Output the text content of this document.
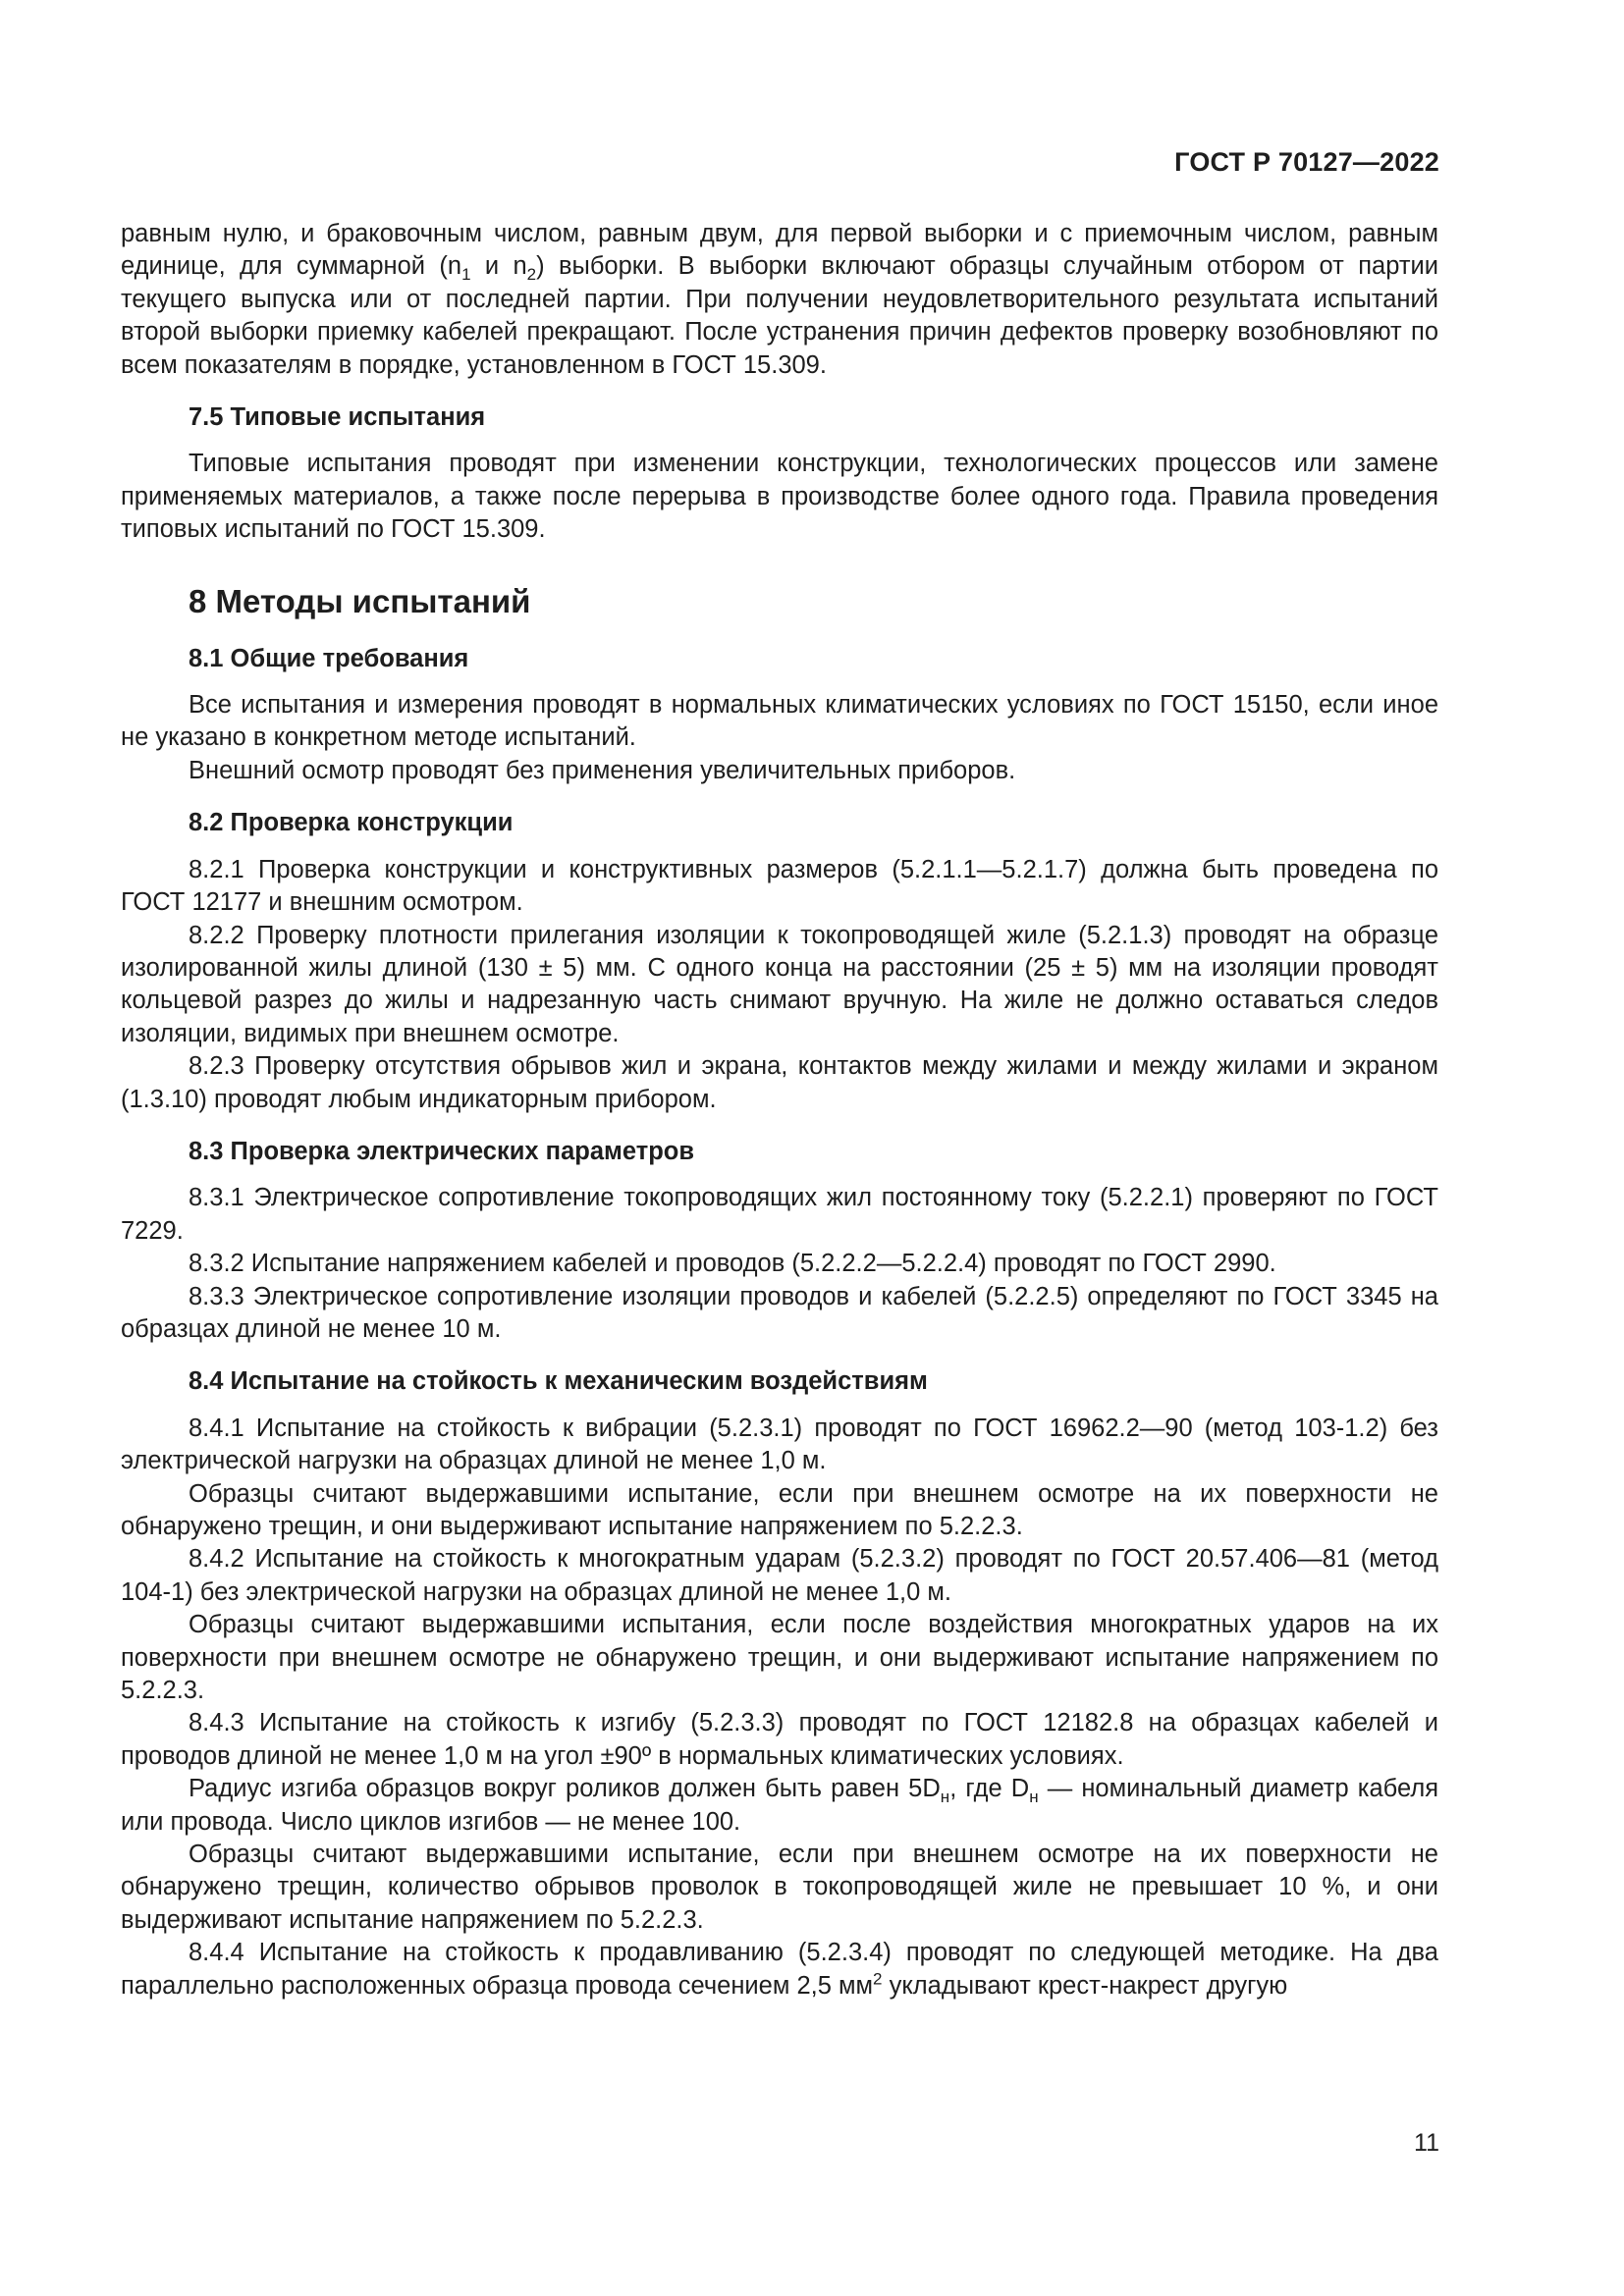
ГОСТ Р 70127—2022

равным нулю, и браковочным числом, равным двум, для первой выборки и с приемочным числом, равным единице, для суммарной ($n_1$ и $n_2$) выборки. В выборки включают образцы случайным отбором от партии текущего выпуска или от последней партии. При получении неудовлетворительного результата испытаний второй выборки приемку кабелей прекращают. После устранения причин дефектов проверку возобновляют по всем показателям в порядке, установленном в ГОСТ 15.309.

7.5 Типовые испытания

Типовые испытания проводят при изменении конструкции, технологических процессов или замене применяемых материалов, а также после перерыва в производстве более одного года. Правила проведения типовых испытаний по ГОСТ 15.309.

8 Методы испытаний
8.1 Общие требования

Все испытания и измерения проводят в нормальных климатических условиях по ГОСТ 15150, если иное не указано в конкретном методе испытаний.

Внешний осмотр проводят без применения увеличительных приборов.

8.2 Проверка конструкции

8.2.1 Проверка конструкции и конструктивных размеров (5.2.1.1—5.2.1.7) должна быть проведена по ГОСТ 12177 и внешним осмотром.

8.2.2 Проверку плотности прилегания изоляции к токопроводящей жиле (5.2.1.3) проводят на образце изолированной жилы длиной (130 ± 5) мм. С одного конца на расстоянии (25 ± 5) мм на изоляции проводят кольцевой разрез до жилы и надрезанную часть снимают вручную. На жиле не должно оставаться следов изоляции, видимых при внешнем осмотре.

8.2.3 Проверку отсутствия обрывов жил и экрана, контактов между жилами и между жилами и экраном (1.3.10) проводят любым индикаторным прибором.

8.3 Проверка электрических параметров

8.3.1 Электрическое сопротивление токопроводящих жил постоянному току (5.2.2.1) проверяют по ГОСТ 7229.

8.3.2 Испытание напряжением кабелей и проводов (5.2.2.2—5.2.2.4) проводят по ГОСТ 2990.

8.3.3 Электрическое сопротивление изоляции проводов и кабелей (5.2.2.5) определяют по ГОСТ 3345 на образцах длиной не менее 10 м.

8.4 Испытание на стойкость к механическим воздействиям

8.4.1 Испытание на стойкость к вибрации (5.2.3.1) проводят по ГОСТ 16962.2—90 (метод 103-1.2) без электрической нагрузки на образцах длиной не менее 1,0 м.

Образцы считают выдержавшими испытание, если при внешнем осмотре на их поверхности не обнаружено трещин, и они выдерживают испытание напряжением по 5.2.2.3.

8.4.2 Испытание на стойкость к многократным ударам (5.2.3.2) проводят по ГОСТ 20.57.406—81 (метод 104-1) без электрической нагрузки на образцах длиной не менее 1,0 м.

Образцы считают выдержавшими испытания, если после воздействия многократных ударов на их поверхности при внешнем осмотре не обнаружено трещин, и они выдерживают испытание напряжением по 5.2.2.3.

8.4.3 Испытание на стойкость к изгибу (5.2.3.3) проводят по ГОСТ 12182.8 на образцах кабелей и проводов длиной не менее 1,0 м на угол ±90º в нормальных климатических условиях.

Радиус изгиба образцов вокруг роликов должен быть равен $5D_н$, где $D_н$ — номинальный диаметр кабеля или провода. Число циклов изгибов — не менее 100.

Образцы считают выдержавшими испытание, если при внешнем осмотре на их поверхности не обнаружено трещин, количество обрывов проволок в токопроводящей жиле не превышает 10 %, и они выдерживают испытание напряжением по 5.2.2.3.

8.4.4 Испытание на стойкость к продавливанию (5.2.3.4) проводят по следующей методике. На два параллельно расположенных образца провода сечением 2,5 $мм^2$ укладывают крест-накрест другую

11
